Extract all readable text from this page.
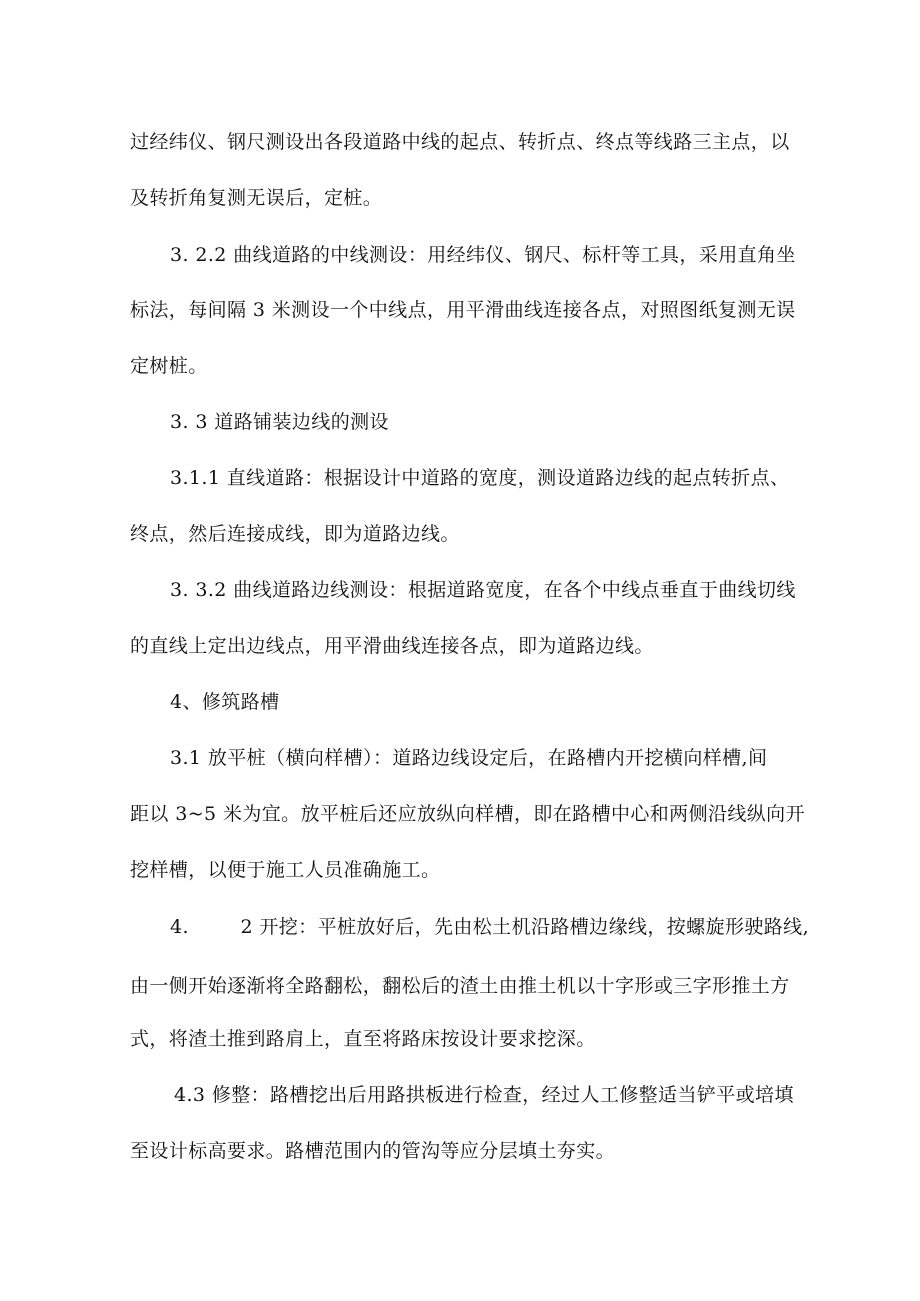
过经纬仪、钢尺测设出各段道路中线的起点、转折点、终点等线路三主点，以
及转折角复测无误后，定桩。
3. 2.2 曲线道路的中线测设：用经纬仪、钢尺、标杆等工具，采用直角坐
标法，每间隔 3 米测设一个中线点，用平滑曲线连接各点，对照图纸复测无误
定树桩。
3. 3 道路铺装边线的测设
3.1.1 直线道路：根据设计中道路的宽度，测设道路边线的起点转折点、
终点，然后连接成线，即为道路边线。
3. 3.2 曲线道路边线测设：根据道路宽度，在各个中线点垂直于曲线切线
的直线上定出边线点，用平滑曲线连接各点，即为道路边线。
4、修筑路槽
3.1 放平桩（横向样槽）：道路边线设定后，在路槽内开挖横向样槽,间
距以 3~5 米为宜。放平桩后还应放纵向样槽，即在路槽中心和两侧沿线纵向开
挖样槽，以便于施工人员准确施工。
4.        2 开挖：平桩放好后，先由松土机沿路槽边缘线，按螺旋形驶路线,
由一侧开始逐渐将全路翻松，翻松后的渣土由推土机以十字形或三字形推土方
式，将渣土推到路肩上，直至将路床按设计要求挖深。
4.3 修整：路槽挖出后用路拱板进行检查，经过人工修整适当铲平或培填
至设计标高要求。路槽范围内的管沟等应分层填土夯实。
